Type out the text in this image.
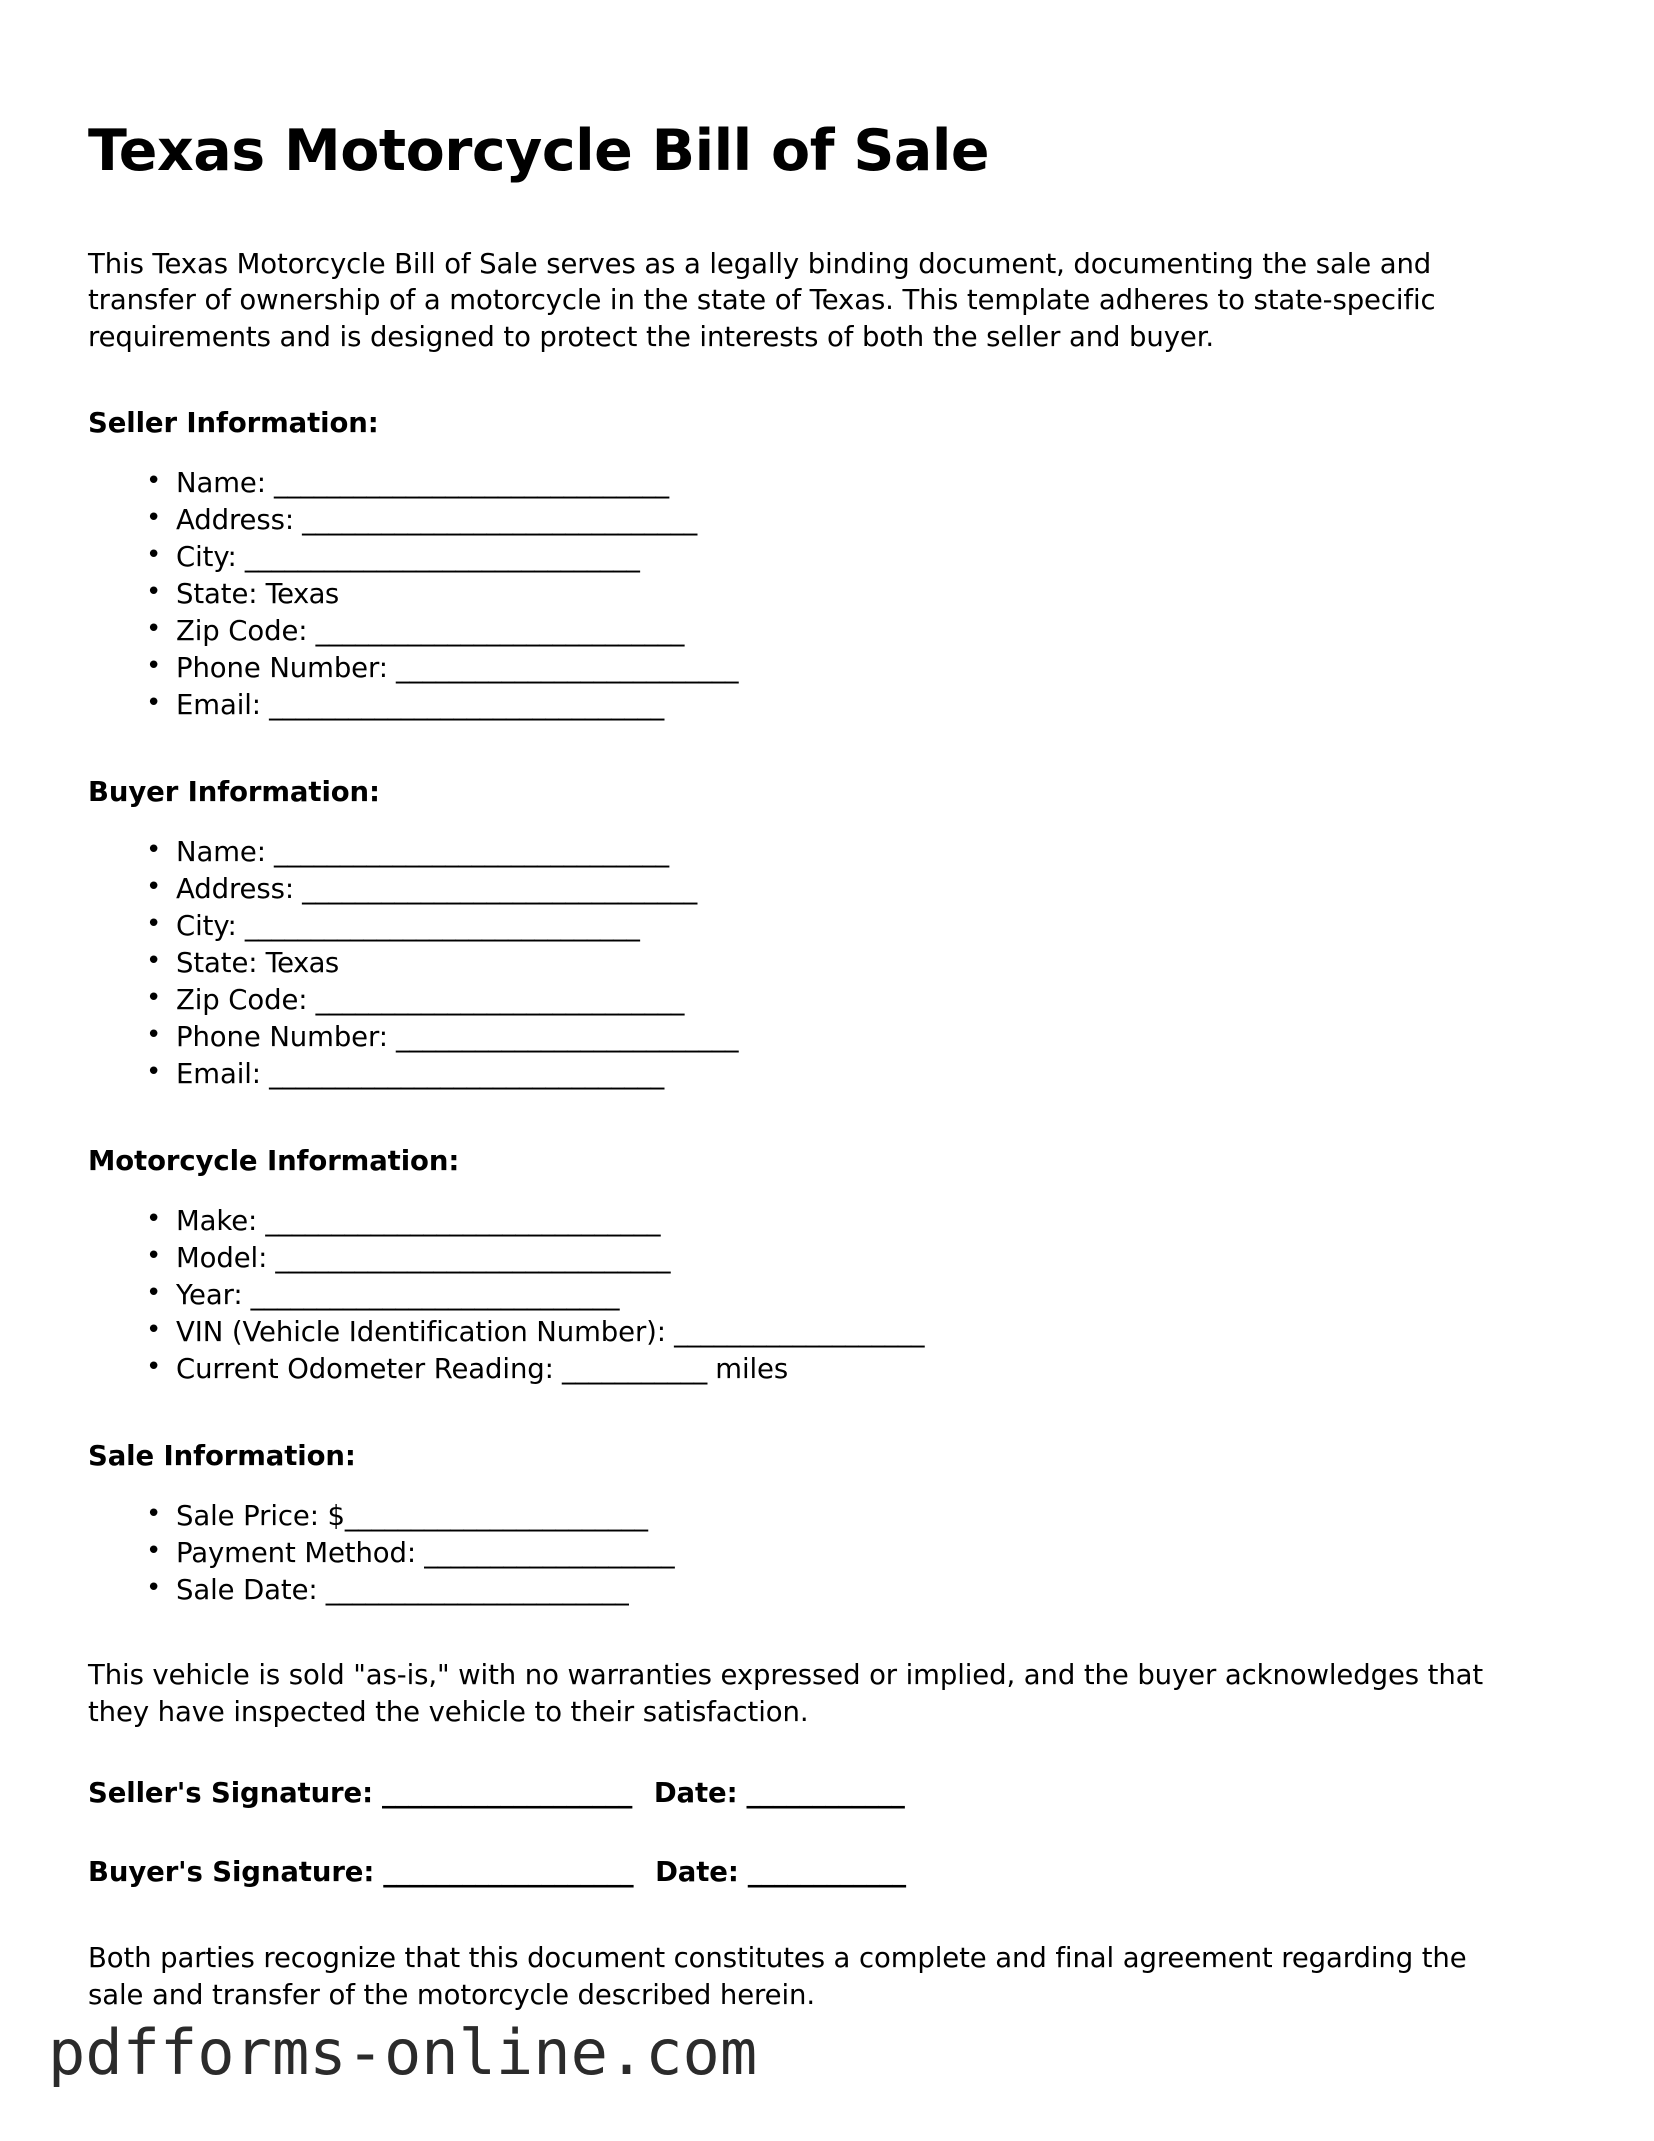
Texas Motorcycle Bill of Sale

This Texas Motorcycle Bill of Sale serves as a legally binding document, documenting the sale and transfer of ownership of a motorcycle in the state of Texas. This template adheres to state-specific requirements and is designed to protect the interests of both the seller and buyer.

Seller Information:
• Name: ______________________________
• Address: ______________________________
• City: ______________________________
• State: Texas
• Zip Code: ____________________________
• Phone Number: __________________________
• Email: ______________________________
Buyer Information:
• Name: ______________________________
• Address: ______________________________
• City: ______________________________
• State: Texas
• Zip Code: ____________________________
• Phone Number: __________________________
• Email: ______________________________
Motorcycle Information:
• Make: ______________________________
• Model: ______________________________
• Year: ____________________________
• VIN (Vehicle Identification Number): ___________________
• Current Odometer Reading: ___________ miles
Sale Information:
• Sale Price: $_______________________
• Payment Method: ___________________
• Sale Date: _______________________

This vehicle is sold "as-is," with no warranties expressed or implied, and the buyer acknowledges that they have inspected the vehicle to their satisfaction.

Seller's Signature: ___________________ Date: ____________
Buyer's Signature: ___________________ Date: ____________

Both parties recognize that this document constitutes a complete and final agreement regarding the sale and transfer of the motorcycle described herein.

pdfforms-online.com
